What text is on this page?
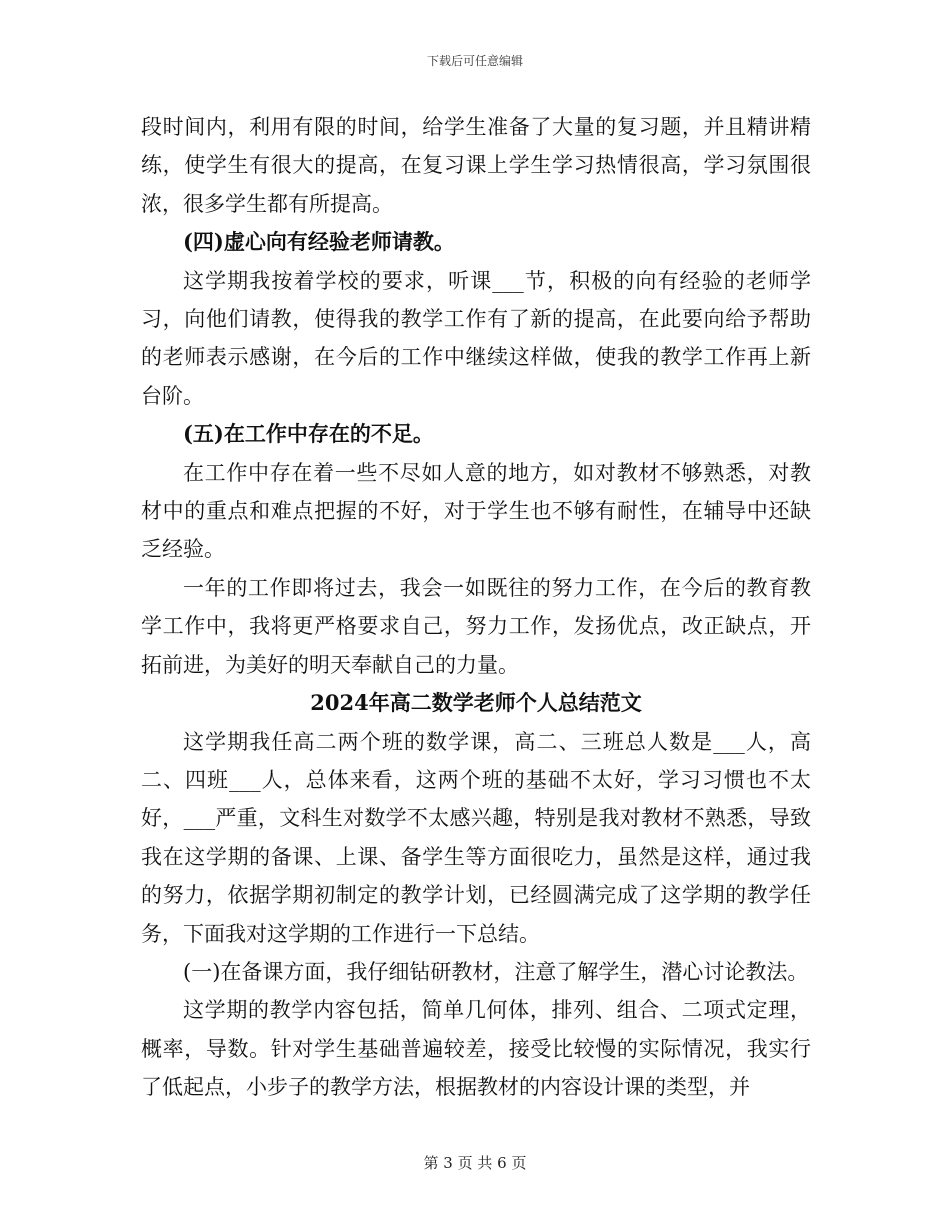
下载后可任意编辑

段时间内，利用有限的时间，给学生准备了大量的复习题，并且精讲精练，使学生有很大的提高，在复习课上学生学习热情很高，学习氛围很浓，很多学生都有所提高。

(四)虚心向有经验老师请教。

这学期我按着学校的要求，听课___节，积极的向有经验的老师学习，向他们请教，使得我的教学工作有了新的提高，在此要向给予帮助的老师表示感谢，在今后的工作中继续这样做，使我的教学工作再上新台阶。

(五)在工作中存在的不足。

在工作中存在着一些不尽如人意的地方，如对教材不够熟悉，对教材中的重点和难点把握的不好，对于学生也不够有耐性，在辅导中还缺乏经验。

一年的工作即将过去，我会一如既往的努力工作，在今后的教育教学工作中，我将更严格要求自己，努力工作，发扬优点，改正缺点，开拓前进，为美好的明天奉献自己的力量。

2024年高二数学老师个人总结范文

这学期我任高二两个班的数学课，高二、三班总人数是___人，高二、四班___人，总体来看，这两个班的基础不太好，学习习惯也不太好，___严重，文科生对数学不太感兴趣，特别是我对教材不熟悉，导致我在这学期的备课、上课、备学生等方面很吃力，虽然是这样，通过我的努力，依据学期初制定的教学计划，已经圆满完成了这学期的教学任务，下面我对这学期的工作进行一下总结。

(一)在备课方面，我仔细钻研教材，注意了解学生，潜心讨论教法。

这学期的教学内容包括，简单几何体，排列、组合、二项式定理，概率，导数。针对学生基础普遍较差，接受比较慢的实际情况，我实行了低起点，小步子的教学方法，根据教材的内容设计课的类型，并

第 3 页 共 6 页
